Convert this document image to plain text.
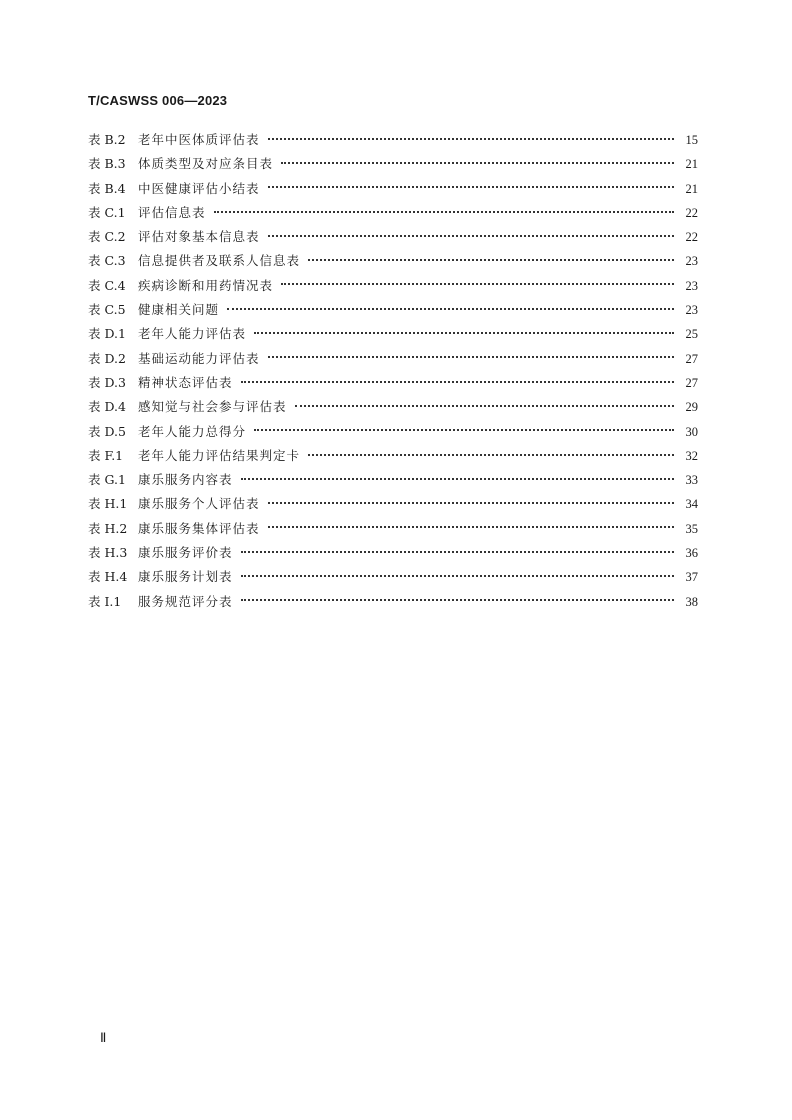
T/CASWSS 006—2023
表 B.2 老年中医体质评估表	15
表 B.3 体质类型及对应条目表	21
表 B.4 中医健康评估小结表	21
表 C.1 评估信息表	22
表 C.2 评估对象基本信息表	22
表 C.3 信息提供者及联系人信息表	23
表 C.4 疾病诊断和用药情况表	23
表 C.5 健康相关问题	23
表 D.1 老年人能力评估表	25
表 D.2 基础运动能力评估表	27
表 D.3 精神状态评估表	27
表 D.4 感知觉与社会参与评估表	29
表 D.5 老年人能力总得分	30
表 F.1	老年人能力评估结果判定卡	32
表 G.1 康乐服务内容表	33
表 H.1 康乐服务个人评估表	34
表 H.2 康乐服务集体评估表	35
表 H.3 康乐服务评价表	36
表 H.4 康乐服务计划表	37
表 I.1	服务规范评分表	38
Ⅱ
